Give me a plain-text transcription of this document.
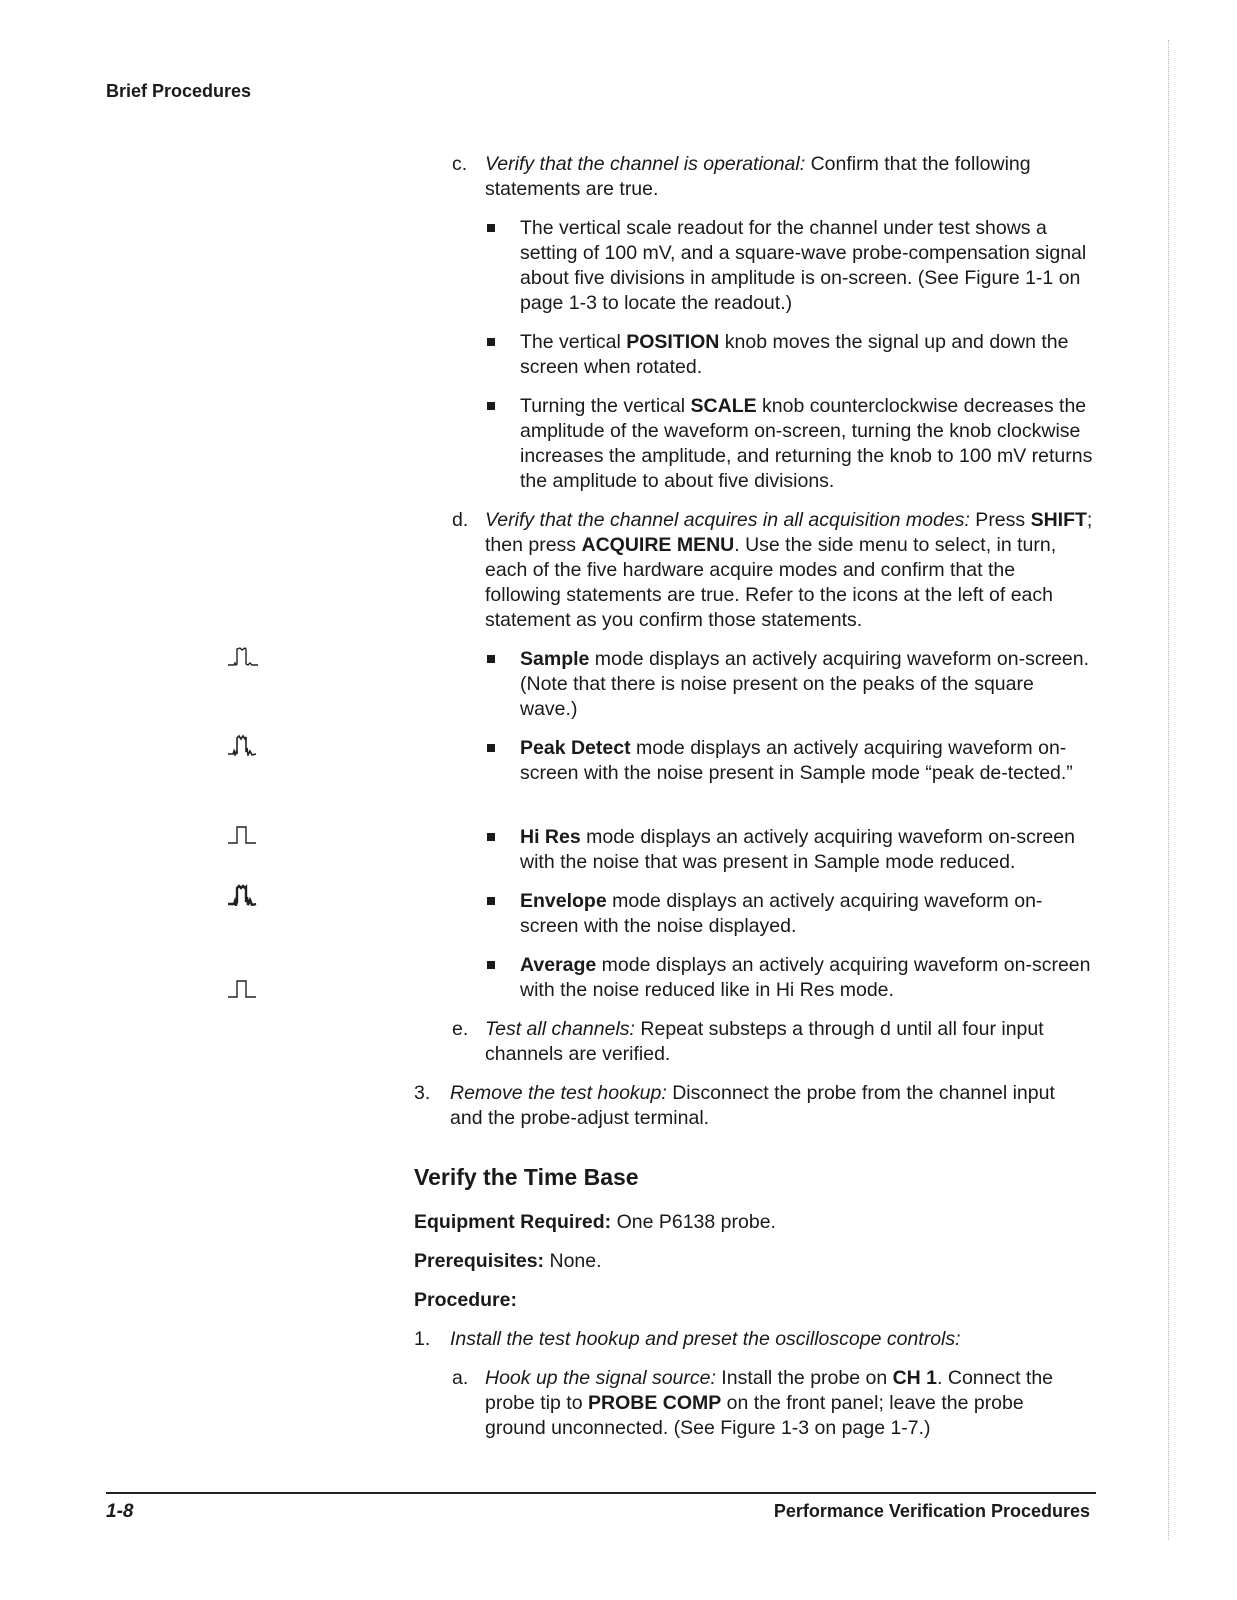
Brief Procedures
c. Verify that the channel is operational: Confirm that the following statements are true.
The vertical scale readout for the channel under test shows a setting of 100 mV, and a square-wave probe-compensation signal about five divisions in amplitude is on-screen. (See Figure 1-1 on page 1-3 to locate the readout.)
The vertical POSITION knob moves the signal up and down the screen when rotated.
Turning the vertical SCALE knob counterclockwise decreases the amplitude of the waveform on-screen, turning the knob clockwise increases the amplitude, and returning the knob to 100 mV returns the amplitude to about five divisions.
d. Verify that the channel acquires in all acquisition modes: Press SHIFT; then press ACQUIRE MENU. Use the side menu to select, in turn, each of the five hardware acquire modes and confirm that the following statements are true. Refer to the icons at the left of each statement as you confirm those statements.
Sample mode displays an actively acquiring waveform on-screen. (Note that there is noise present on the peaks of the square wave.)
Peak Detect mode displays an actively acquiring waveform on-screen with the noise present in Sample mode “peak de-tected.”
Hi Res mode displays an actively acquiring waveform on-screen with the noise that was present in Sample mode reduced.
Envelope mode displays an actively acquiring waveform on-screen with the noise displayed.
Average mode displays an actively acquiring waveform on-screen with the noise reduced like in Hi Res mode.
e. Test all channels: Repeat substeps a through d until all four input channels are verified.
3. Remove the test hookup: Disconnect the probe from the channel input and the probe-adjust terminal.
Verify the Time Base
Equipment Required: One P6138 probe.
Prerequisites: None.
Procedure:
1. Install the test hookup and preset the oscilloscope controls:
a. Hook up the signal source: Install the probe on CH 1. Connect the probe tip to PROBE COMP on the front panel; leave the probe ground unconnected. (See Figure 1-3 on page 1-7.)
1-8	Performance Verification Procedures
